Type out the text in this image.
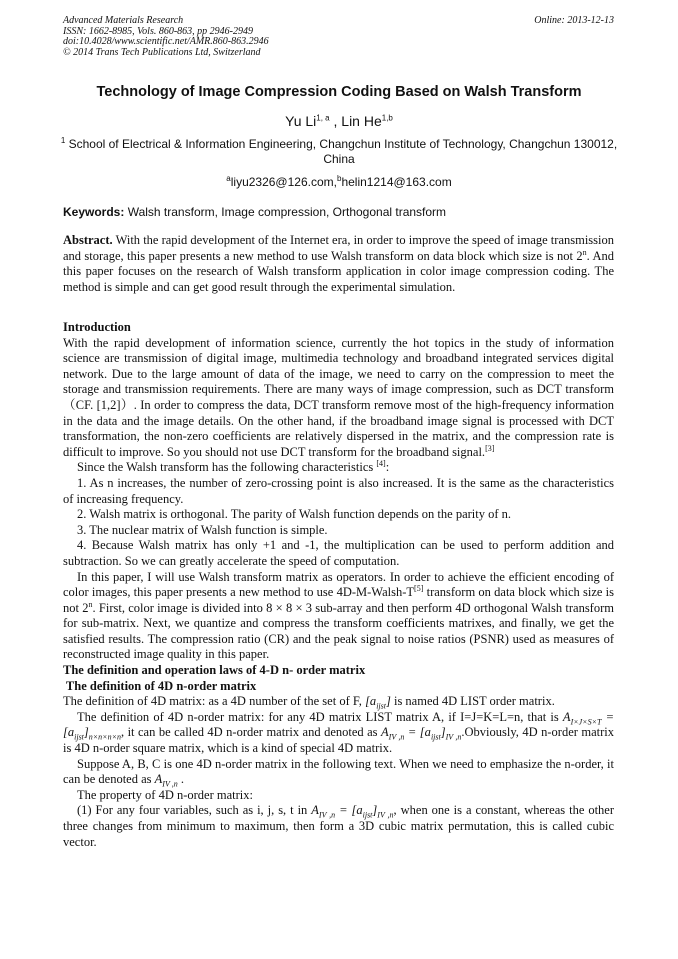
Advanced Materials Research
ISSN: 1662-8985, Vols. 860-863, pp 2946-2949
doi:10.4028/www.scientific.net/AMR.860-863.2946
© 2014 Trans Tech Publications Ltd, Switzerland
Online: 2013-12-13
Technology of Image Compression Coding Based on Walsh Transform
Yu Li$^{1, a}$ , Lin He$^{1,b}$
$^1$ School of Electrical & Information Engineering, Changchun Institute of Technology, Changchun 130012, China
$^a$liyu2326@126.com,$^b$helin1214@163.com
Keywords: Walsh transform, Image compression, Orthogonal transform

Abstract. With the rapid development of the Internet era, in order to improve the speed of image transmission and storage, this paper presents a new method to use Walsh transform on data block which size is not 2$^n$. And this paper focuses on the research of Walsh transform application in color image compression coding. The method is simple and can get good result through the experimental simulation.

Introduction

With the rapid development of information science, currently the hot topics in the study of information science are transmission of digital image, multimedia technology and broadband integrated services digital network. Due to the large amount of data of the image, we need to carry on the compression to meet the storage and transmission requirements. There are many ways of image compression, such as DCT transform （CF. [1,2]）. In order to compress the data, DCT transform remove most of the high-frequency information in the data and the image details. On the other hand, if the broadband image signal is processed with DCT transformation, the non-zero coefficients are relatively dispersed in the matrix, and the compression rate is difficult to improve. So you should not use DCT transform for the broadband signal.[3]

Since the Walsh transform has the following characteristics [4]:

1. As n increases, the number of zero-crossing point is also increased. It is the same as the characteristics of increasing frequency.

2. Walsh matrix is orthogonal. The parity of Walsh function depends on the parity of n.

3. The nuclear matrix of Walsh function is simple.

4. Because Walsh matrix has only +1 and -1, the multiplication can be used to perform addition and subtraction. So we can greatly accelerate the speed of computation.

In this paper, I will use Walsh transform matrix as operators. In order to achieve the efficient encoding of color images, this paper presents a new method to use 4D-M-Walsh-T[5] transform on data block which size is not 2$^n$. First, color image is divided into 8 × 8 × 3 sub-array and then perform 4D orthogonal Walsh transform for sub-matrix. Next, we quantize and compress the transform coefficients matrixes, and finally, we get the satisfied results. The compression ratio (CR) and the peak signal to noise ratios (PSNR) used as measures of reconstructed image quality in this paper.

The definition and operation laws of 4-D n- order matrix

The definition of 4D n-order matrix

The definition of 4D matrix: as a 4D number of the set of F, $[a_{ijst}]$ is named 4D LIST order matrix.

The definition of 4D n-order matrix: for any 4D matrix LIST matrix A, if I=J=K=L=n, that is $A_{I\times J\times S\times T} = [a_{ijst}]_{n\times n\times n\times n}$, it can be called 4D n-order matrix and denoted as $A_{IV ,n}$ = $[a_{ijst}]_{IV ,n}.Obviously$, 4D n-order matrix is 4D n-order square matrix, which is a kind of special 4D matrix.

Suppose A, B, C is one 4D n-order matrix in the following text. When we need to emphasize the n-order, it can be denoted as $A_{IV ,n}$ .

The property of 4D n-order matrix:

(1) For any four variables, such as i, j, s, t in $A_{IV ,n} = [a_{ijst}]_{IV ,n}$, when one is a constant, whereas the other three changes from minimum to maximum, then form a 3D cubic matrix permutation, this is called cubic vector.
